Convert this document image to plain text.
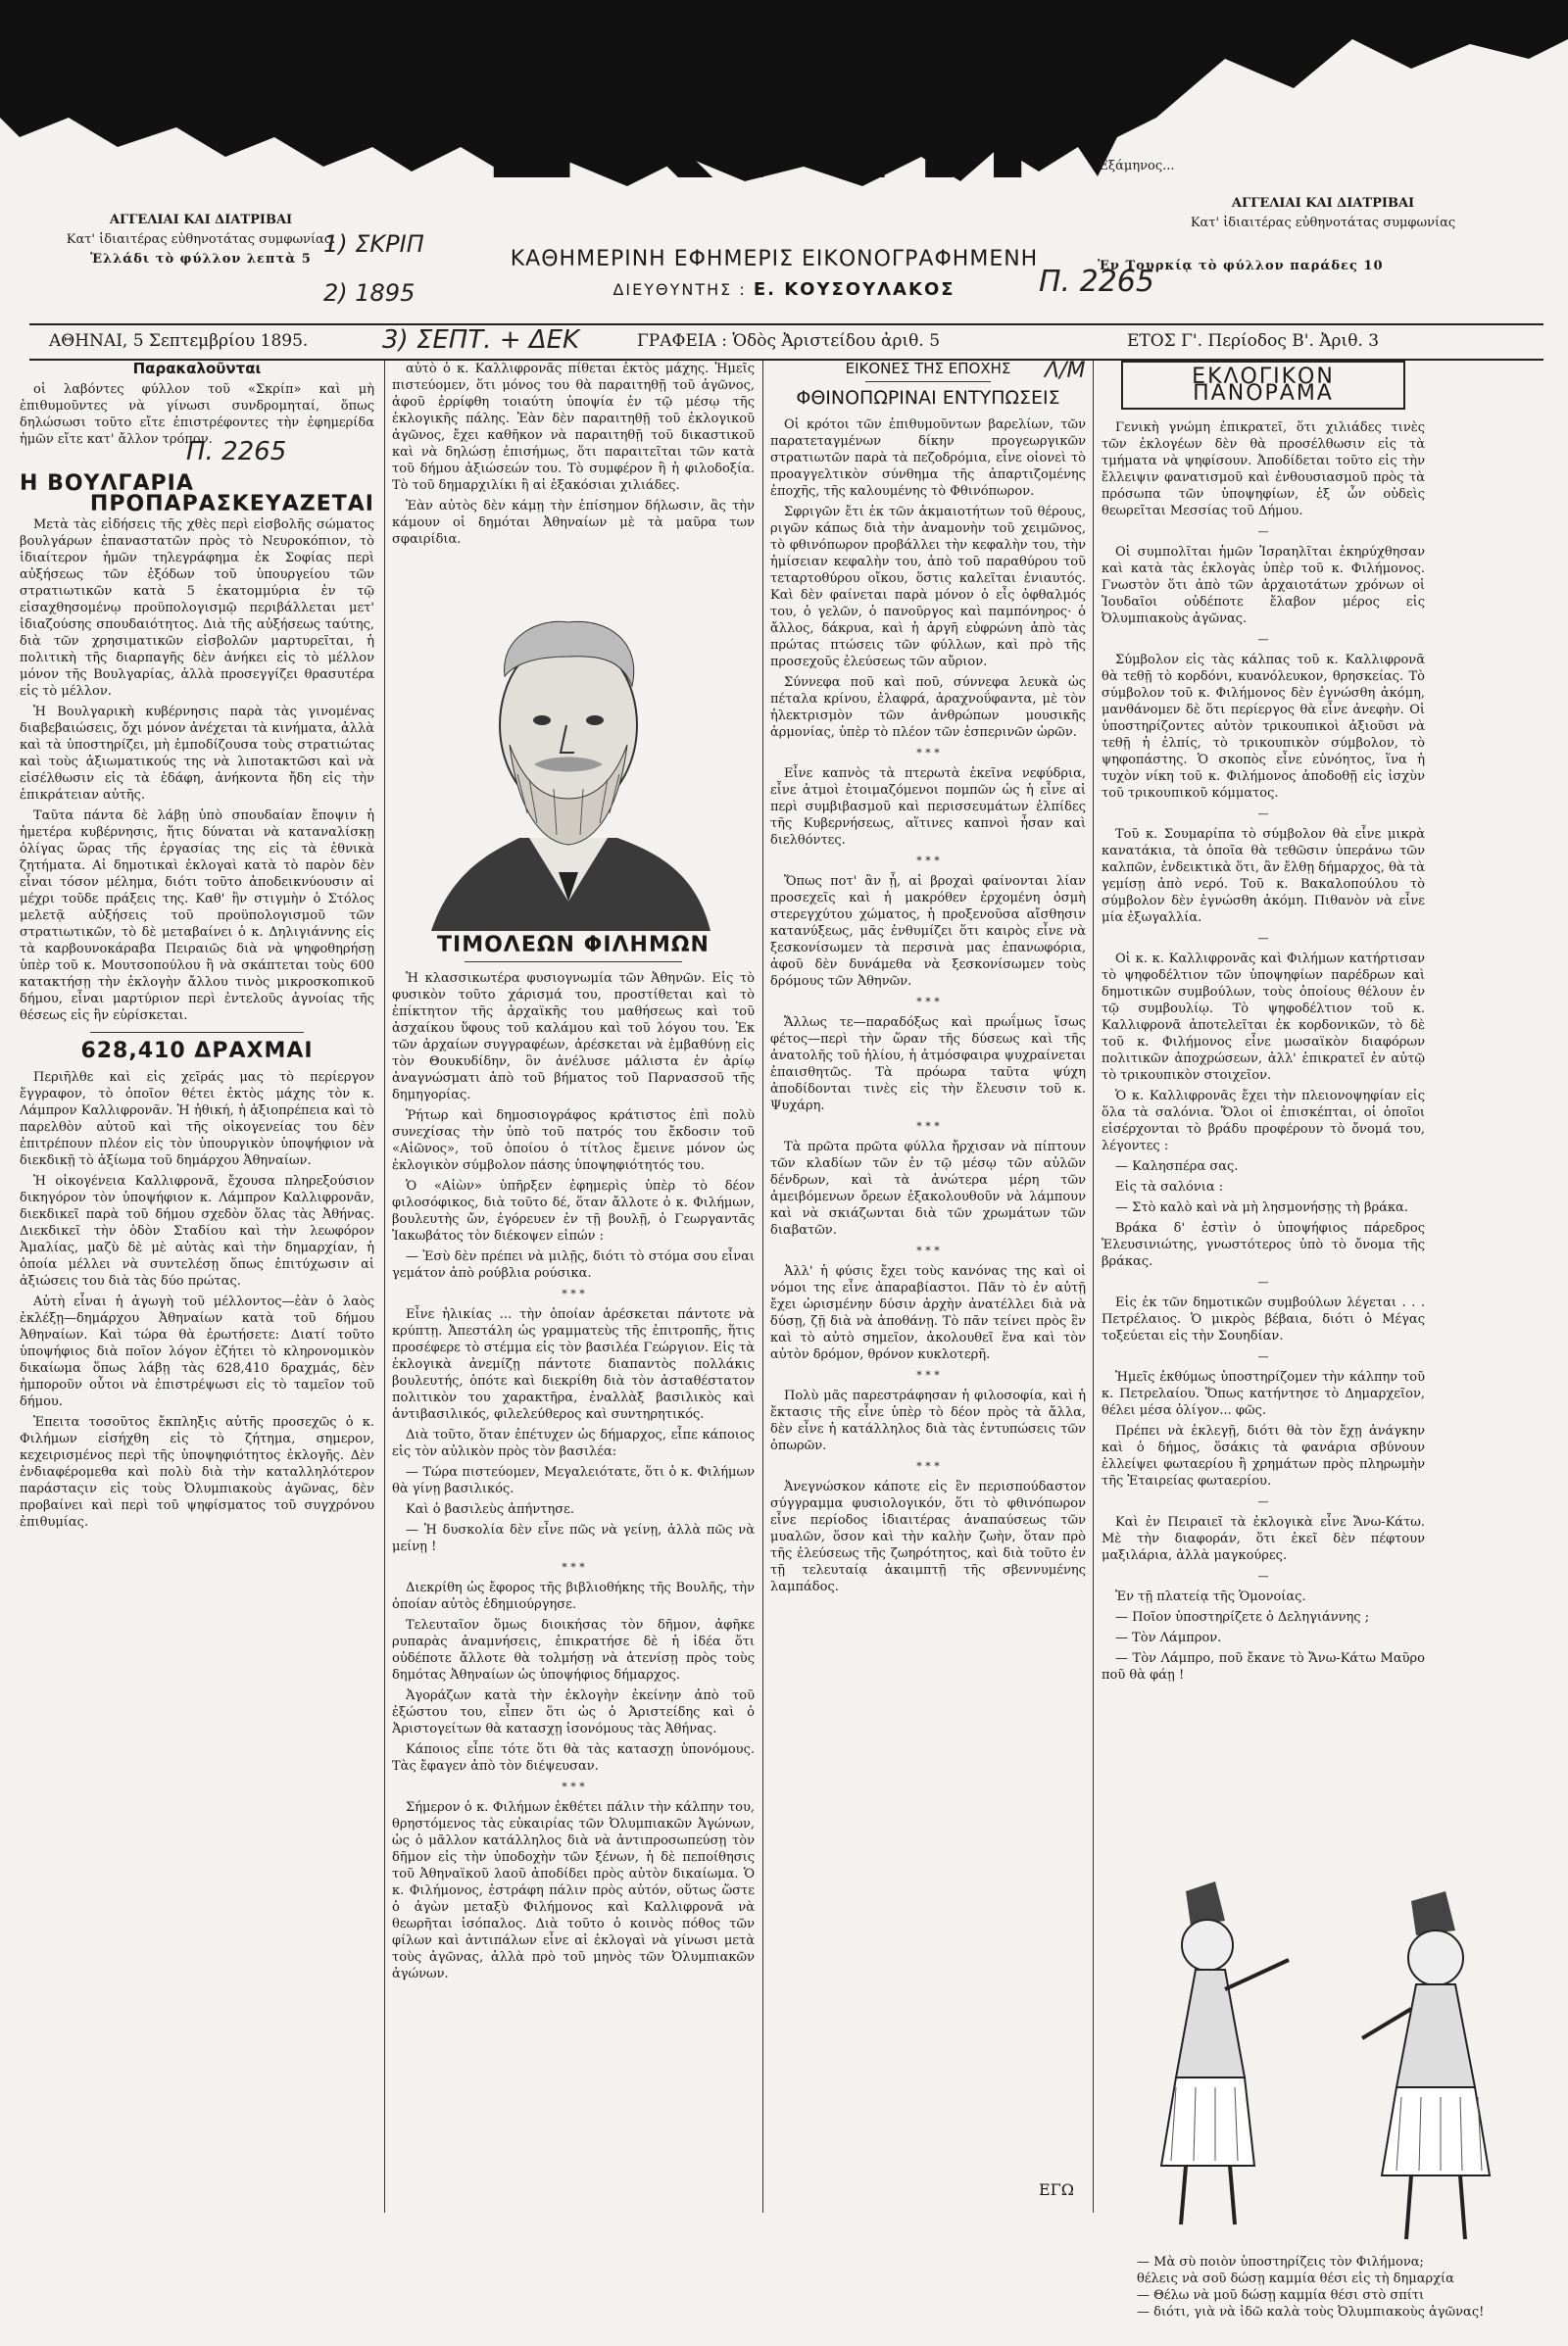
ΣΚΡΙΠ
ΑΓΓΕΛΙΑΙ ΚΑΙ ΔΙΑΤΡΙΒΑΙ
Κατ' ἰδιαιτέρας εὐθηνοτάτας συμφωνίας.
Ἑλλάδι τὸ φύλλον λεπτὰ 5
Ἑξάμηνος...
ΑΓΓΕΛΙΑΙ ΚΑΙ ΔΙΑΤΡΙΒΑΙ
Κατ' ἰδιαιτέρας εὐθηνοτάτας συμφωνίας
Ἐν Τουρκίᾳ τὸ φύλλον παράδες 10
ΚΑΘΗΜΕΡΙΝΗ ΕΦΗΜΕΡΙΣ ΕΙΚΟΝΟΓΡΑΦΗΜΕΝΗ
ΔΙΕΥΘΥΝΤΗΣ : Ε. ΚΟΥΣΟΥΛΑΚΟΣ
1) ΣΚΡΙΠ
2) 1895	Π. 2265
ΑΘΗΝΑΙ, 5 Σεπτεμβρίου 1895.	3) ΣΕΠΤ. + ΔΕΚ	ΓΡΑΦΕΙΑ : Ὁδὸς Ἀριστείδου ἀριθ. 5	ΕΤΟΣ Γ'. Περίοδος Β'. Ἀριθ. 3

Παρακαλοῦνται

οἱ λαβόντες φύλλον τοῦ «Σκρίπ» καὶ μὴ ἐπιθυμοῦντες νὰ γίνωσι συνδρομηταί, ὅπως δηλώσωσι τοῦτο εἴτε ἐπιστρέφοντες τὴν ἐφημερίδα ἡμῶν εἴτε κατ' ἄλλον τρόπον.

Π. 2265

Η ΒΟΥΛΓΑΡΙΑ

ΠΡΟΠΑΡΑΣΚΕΥΑΖΕΤΑΙ

Μετὰ τὰς εἰδήσεις τῆς χθὲς περὶ εἰσβολῆς σώματος βουλγάρων ἐπαναστατῶν πρὸς τὸ Νευροκόπιον, τὸ ἰδιαίτερον ἡμῶν τηλεγράφημα ἐκ Σοφίας περὶ αὐξήσεως τῶν ἐξόδων τοῦ ὑπουργείου τῶν στρατιωτικῶν κατὰ 5 ἑκατομμύρια ἐν τῷ εἰσαχθησομένῳ προϋπολογισμῷ περιβάλλεται μετ' ἰδιαζούσης σπουδαιότητος. Διὰ τῆς αὐξήσεως ταύτης, διὰ τῶν χρησιματικῶν εἰσβολῶν μαρτυρεῖται, ἡ πολιτικὴ τῆς διαρπαγῆς δὲν ἀνήκει εἰς τὸ μέλλον μόνον τῆς Βουλγαρίας, ἀλλὰ προσεγγίζει θρασυτέρα εἰς τὸ μέλλον.

Ἡ Βουλγαρικὴ κυβέρνησις παρὰ τὰς γινομένας διαβεβαιώσεις, ὄχι μόνον ἀνέχεται τὰ κινήματα, ἀλλὰ καὶ τὰ ὑποστηρίζει, μὴ ἐμποδίζουσα τοὺς στρατιώτας καὶ τοὺς ἀξιωματικούς της νὰ λιποτακτῶσι καὶ νὰ εἰσέλθωσιν εἰς τὰ ἐδάφη, ἀνήκοντα ἤδη εἰς τὴν ἐπικράτειαν αὐτῆς.

Ταῦτα πάντα δὲ λάβῃ ὑπὸ σπουδαίαν ἔποψιν ἡ ἡμετέρα κυβέρνησις, ἥτις δύναται νὰ καταναλίσκῃ ὀλίγας ὥρας τῆς ἐργασίας της εἰς τὰ ἐθνικὰ ζητήματα. Αἱ δημοτικαὶ ἐκλογαὶ κατὰ τὸ παρὸν δὲν εἶναι τόσον μέλημα, διότι τοῦτο ἀποδεικνύουσιν αἱ μέχρι τοῦδε πράξεις της. Καθ' ἣν στιγμὴν ὁ Στόλος μελετᾷ αὐξήσεις τοῦ προϋπολογισμοῦ τῶν στρατιωτικῶν, τὸ δὲ μεταβαίνει ὁ κ. Δηλιγιάννης εἰς τὰ καρβουνοκάραβα Πειραιῶς διὰ νὰ ψηφοθηρήσῃ ὑπὲρ τοῦ κ. Μουτσοπούλου ἢ νὰ σκάπτεται τοὺς 600 κατακτήσῃ τὴν ἐκλογὴν ἄλλου τινὸς μικροσκοπικοῦ δήμου, εἶναι μαρτύριον περὶ ἐντελοῦς ἀγνοίας τῆς θέσεως εἰς ἣν εὑρίσκεται.

628,410 ΔΡΑΧΜΑΙ

Περιῆλθε καὶ εἰς χεῖράς μας τὸ περίεργον ἔγγραφον, τὸ ὁποῖον θέτει ἐκτὸς μάχης τὸν κ. Λάμπρον Καλλιφρονᾶν. Ἡ ἠθική, ἡ ἀξιοπρέπεια καὶ τὸ παρελθὸν αὐτοῦ καὶ τῆς οἰκογενείας του δὲν ἐπιτρέπουν πλέον εἰς τὸν ὑπουργικὸν ὑποψήφιον νὰ διεκδικῇ τὸ ἀξίωμα τοῦ δημάρχου Ἀθηναίων.

Ἡ οἰκογένεια Καλλιφρονᾶ, ἔχουσα πληρεξούσιον δικηγόρον τὸν ὑποψήφιον κ. Λάμπρον Καλλιφρονᾶν, διεκδικεῖ παρὰ τοῦ δήμου σχεδὸν ὅλας τὰς Ἀθήνας. Διεκδικεῖ τὴν ὁδὸν Σταδίου καὶ τὴν λεωφόρον Ἀμαλίας, μαζὺ δὲ μὲ αὐτὰς καὶ τὴν δημαρχίαν, ἡ ὁποία μέλλει νὰ συντελέσῃ ὅπως ἐπιτύχωσιν αἱ ἀξιώσεις του διὰ τὰς δύο πρώτας.

Αὐτὴ εἶναι ἡ ἀγωγὴ τοῦ μέλλοντος—ἐὰν ὁ λαὸς ἐκλέξῃ—δημάρχου Ἀθηναίων κατὰ τοῦ δήμου Ἀθηναίων. Καὶ τώρα θὰ ἐρωτήσετε: Διατί τοῦτο ὑποψήφιος διὰ ποῖον λόγον ἐζήτει τὸ κληρονομικὸν δικαίωμα ὅπως λάβῃ τὰς 628,410 δραχμάς, δὲν ἠμποροῦν οὗτοι νὰ ἐπιστρέψωσι εἰς τὸ ταμεῖον τοῦ δήμου.

Ἐπειτα τοσοῦτος ἔκπληξις αὐτῆς προσεχῶς ὁ κ. Φιλήμων εἰσήχθη εἰς τὸ ζήτημα, σημερον, κεχειρισμένος περὶ τῆς ὑποψηφιότητος ἐκλογῆς. Δὲν ἐνδιαφέρομεθα καὶ πολὺ διὰ τὴν καταλληλότερον παράσταςιν εἰς τοὺς Ὀλυμπιακοὺς ἀγῶνας, δὲν προβαίνει καὶ περὶ τοῦ ψηφίσματος τοῦ συγχρόνου ἐπιθυμίας.

αὐτὸ ὁ κ. Καλλιφρονᾶς πίθεται ἐκτὸς μάχης. Ἡμεῖς πιστεύομεν, ὅτι μόνος του θὰ παραιτηθῇ τοῦ ἀγῶνος, ἀφοῦ ἐρρίφθη τοιαύτη ὑποψία ἐν τῷ μέσῳ τῆς ἐκλογικῆς πάλης. Ἐὰν δὲν παραιτηθῇ τοῦ ἐκλογικοῦ ἀγῶνος, ἔχει καθῆκον νὰ παραιτηθῇ τοῦ δικαστικοῦ καὶ νὰ δηλώσῃ ἐπισήμως, ὅτι παραιτεῖται τῶν κατὰ τοῦ δήμου ἀξιώσεών του. Τὸ συμφέρον ἢ ἡ φιλοδοξία. Τὸ τοῦ δημαρχιλίκι ἢ αἱ ἑξακόσιαι χιλιάδες.

Ἐὰν αὐτὸς δὲν κάμῃ τὴν ἐπίσημον δήλωσιν, ἂς τὴν κάμουν οἱ δημόται Ἀθηναίων μὲ τὰ μαῦρα των σφαιρίδια.

ΤΙΜΟΛΕΩΝ ΦΙΛΗΜΩΝ

Ἡ κλασσικωτέρα φυσιογνωμία τῶν Ἀθηνῶν. Εἰς τὸ φυσικὸν τοῦτο χάρισμά του, προστίθεται καὶ τὸ ἐπίκτητον τῆς ἀρχαϊκῆς του μαθήσεως καὶ τοῦ ἀσχαίκου ὕφους τοῦ καλάμου καὶ τοῦ λόγου του. Ἐκ τῶν ἀρχαίων συγγραφέων, ἀρέσκεται νὰ ἐμβαθύνῃ εἰς τὸν Θουκυδίδην, ὃν ἀνέλυσε μάλιστα ἐν ἀρίῳ ἀναγνώσματι ἀπὸ τοῦ βήματος τοῦ Παρνασσοῦ τῆς δημηγορίας.

Ῥήτωρ καὶ δημοσιογράφος κράτιστος ἐπὶ πολὺ συνεχίσας τὴν ὑπὸ τοῦ πατρός του ἔκδοσιν τοῦ «Αἰῶνος», τοῦ ὁποίου ὁ τίτλος ἔμεινε μόνον ὡς ἐκλογικὸν σύμβολον πάσης ὑποψηφιότητός του.

Ὁ «Αἰὼν» ὑπῆρξεν ἐφημερὶς ὑπὲρ τὸ δέον φιλοσόφικος, διὰ τοῦτο δέ, ὅταν ἄλλοτε ὁ κ. Φιλήμων, βουλευτὴς ὤν, ἐγόρευεν ἐν τῇ βουλῇ, ὁ Γεωργαντᾶς Ἰακωβάτος τὸν διέκοψεν εἰπών :

— Ἐσὺ δὲν πρέπει νὰ μιλῇς, διότι τὸ στόμα σου εἶναι γεμάτον ἀπὸ ρούβλια ρούσικα.

* * *

Εἶνε ἡλικίας ... τὴν ὁποίαν ἀρέσκεται πάντοτε νὰ κρύπτῃ. Ἀπεστάλη ὡς γραμματεὺς τῆς ἐπιτροπῆς, ἥτις προσέφερε τὸ στέμμα εἰς τὸν βασιλέα Γεώργιον. Εἰς τὰ ἐκλογικὰ ἀνεμίζῃ πάντοτε διαπαντὸς πολλάκις βουλευτής, ὁπότε καὶ διεκρίθη διὰ τὸν ἀσταθέστατον πολιτικὸν του χαρακτῆρα, ἐναλλὰξ βασιλικὸς καὶ ἀντιβασιλικός, φιλελεύθερος καὶ συντηρητικός.

Διὰ τοῦτο, ὅταν ἐπέτυχεν ὡς δήμαρχος, εἶπε κάποιος εἰς τὸν αὐλικὸν πρὸς τὸν βασιλέα:

— Τώρα πιστεύομεν, Μεγαλειότατε, ὅτι ὁ κ. Φιλήμων θὰ γίνῃ βασιλικός.

Καὶ ὁ βασιλεὺς ἀπήντησε.

— Ἡ δυσκολία δὲν εἶνε πῶς νὰ γείνῃ, ἀλλὰ πῶς νὰ μείνῃ !

* * *

Διεκρίθη ὡς ἔφορος τῆς βιβλιοθήκης τῆς Βουλῆς, τὴν ὁποίαν αὐτὸς ἐδημιούργησε.

Τελευταῖον ὅμως διοικήσας τὸν δῆμον, ἀφῆκε ρυπαρὰς ἀναμνήσεις, ἐπικρατήσε δὲ ἡ ἰδέα ὅτι οὐδέποτε ἄλλοτε θὰ τολμήσῃ νὰ ἀτενίσῃ πρὸς τοὺς δημότας Ἀθηναίων ὡς ὑποψήφιος δήμαρχος.

Ἀγοράζων κατὰ τὴν ἐκλογὴν ἐκείνην ἀπὸ τοῦ ἐξώστου του, εἶπεν ὅτι ὡς ὁ Ἀριστείδης καὶ ὁ Ἀριστογείτων θὰ κατασχῃ ἰσονόμους τὰς Ἀθήνας.

Κάποιος εἶπε τότε ὅτι θὰ τὰς κατασχῃ ὑπονόμους. Τὰς ἔφαγεν ἀπὸ τὸν διέψευσαν.

* * *

Σήμερον ὁ κ. Φιλήμων ἐκθέτει πάλιν τὴν κάλπην του, θρηστόμενος τὰς εὐκαιρίας τῶν Ὀλυμπιακῶν Ἀγώνων, ὡς ὁ μᾶλλον κατάλληλος διὰ νὰ ἀντιπροσωπεύσῃ τὸν δῆμον εἰς τὴν ὑποδοχὴν τῶν ξένων, ἡ δὲ πεποίθησις τοῦ Ἀθηναϊκοῦ λαοῦ ἀποδίδει πρὸς αὐτὸν δικαίωμα. Ὁ κ. Φιλήμονος, ἐστράφη πάλιν πρὸς αὐτόν, οὕτως ὥστε ὁ ἀγὼν μεταξὺ Φιλήμονος καὶ Καλλιφρονᾶ νὰ θεωρῆται ἰσόπαλος. Διὰ τοῦτο ὁ κοινὸς πόθος τῶν φίλων καὶ ἀντιπάλων εἶνε αἱ ἐκλογαὶ νὰ γίνωσι μετὰ τοὺς ἀγῶνας, ἀλλὰ πρὸ τοῦ μηνὸς τῶν Ὀλυμπιακῶν ἀγώνων.

ΕΙΚΟΝΕΣ ΤΗΣ ΕΠΟΧΗΣ

ΦΘΙΝΟΠΩΡΙΝΑΙ ΕΝΤΥΠΩΣΕΙΣ

Λ/Μ

Οἱ κρότοι τῶν ἐπιθυμοῦντων βαρελίων, τῶν παρατεταγμένων δίκην προγεωργικῶν στρατιωτῶν παρὰ τὰ πεζοδρόμια, εἶνε οἱονεὶ τὸ προαγγελτικὸν σύνθημα τῆς ἀπαρτιζομένης ἐποχῆς, τῆς καλουμένης τὸ Φθινόπωρον.

Σφριγῶν ἔτι ἐκ τῶν ἀκμαιοτήτων τοῦ θέρους, ριγῶν κάπως διὰ τὴν ἀναμονὴν τοῦ χειμῶνος, τὸ φθινόπωρον προβάλλει τὴν κεφαλὴν του, τὴν ἡμίσειαν κεφαλὴν του, ἀπὸ τοῦ παραθύρου τοῦ τεταρτοθύρου οἴκου, ὅστις καλεῖται ἐνιαυτός. Καὶ δὲν φαίνεται παρὰ μόνον ὁ εἷς ὀφθαλμός του, ὁ γελῶν, ὁ πανοῦργος καὶ παμπόνηρος· ὁ ἄλλος, δάκρυα, καὶ ἡ ἀργῆ εὐφρώνη ἀπὸ τὰς πρώτας πτώσεις τῶν φύλλων, καὶ πρὸ τῆς προσεχοῦς ἐλεύσεως τῶν αὔριον.

Σύννεφα ποῦ καὶ ποῦ, σύννεφα λευκὰ ὡς πέταλα κρίνου, ἐλαφρά, ἀραχνοΰφαντα, μὲ τὸν ἠλεκτρισμὸν τῶν ἀνθρώπων μουσικῆς ἀρμονίας, ὑπὲρ τὸ πλέον τῶν ἐσπερινῶν ὡρῶν.

* * *

Εἶνε καπνὸς τὰ πτερωτὰ ἐκεῖνα νεφύδρια, εἶνε ἀτμοὶ ἐτοιμαζόμενοι πομπῶν ὡς ἡ εἶνε αἱ περὶ συμβιβασμοῦ καὶ περισσευμάτων ἐλπίδες τῆς Κυβερνήσεως, αἵτινες καπνοὶ ἦσαν καὶ διελθόντες.

* * *

Ὅπως ποτ' ἂν ᾖ, αἱ βροχαὶ φαίνονται λίαν προσεχεῖς καὶ ἡ μακρόθεν ἐρχομένη ὀσμὴ στερεγχύτου χώματος, ἡ προξενοῦσα αἴσθησιν κατανύξεως, μᾶς ἐνθυμίζει ὅτι καιρὸς εἶνε νὰ ξεσκονίσωμεν τὰ περσινὰ μας ἐπανωφόρια, ἀφοῦ δὲν δυνάμεθα νὰ ξεσκονίσωμεν τοὺς δρόμους τῶν Ἀθηνῶν.

* * *

Ἄλλως τε—παραδόξως καὶ πρωΐμως ἴσως φέτος—περὶ τὴν ὥραν τῆς δύσεως καὶ τῆς ἀνατολῆς τοῦ ἡλίου, ἡ ἀτμόσφαιρα ψυχραίνεται ἐπαισθητῶς. Τὰ πρόωρα ταῦτα ψύχη ἀποδίδονται τινὲς εἰς τὴν ἔλευσιν τοῦ κ. Ψυχάρη.

* * *

Τὰ πρῶτα πρῶτα φύλλα ἤρχισαν νὰ πίπτουν τῶν κλαδίων τῶν ἐν τῷ μέσῳ τῶν αὐλῶν δένδρων, καὶ τὰ ἀνώτερα μέρη τῶν ἀμειβόμενων ὄρεων ἐξακολουθοῦν νὰ λάμπουν καὶ νὰ σκιάζωνται διὰ τῶν χρωμάτων τῶν διαβατῶν.

* * *

Ἀλλ' ἡ φύσις ἔχει τοὺς κανόνας της καὶ οἱ νόμοι της εἶνε ἀπαραβίαστοι. Πᾶν τὸ ἐν αὐτῇ ἔχει ὡρισμένην δύσιν ἀρχὴν ἀνατέλλει διὰ νὰ δύσῃ, ζῇ διὰ νὰ ἀποθάνῃ. Τὸ πᾶν τείνει πρὸς ἓν καὶ τὸ αὐτὸ σημεῖον, ἀκολουθεῖ ἕνα καὶ τὸν αὐτὸν δρόμον, θρόνον κυκλοτερῆ.

* * *

Πολὺ μᾶς παρεστράφησαν ἡ φιλοσοφία, καὶ ἡ ἔκτασις τῆς εἶνε ὑπὲρ τὸ δέον πρὸς τὰ ἄλλα, δὲν εἶνε ἡ κατάλληλος διὰ τὰς ἐντυπώσεις τῶν ὁπωρῶν.

* * *

Ἀνεγνώσκον κάποτε εἰς ἓν περισπούδαστον σύγγραμμα φυσιολογικόν, ὅτι τὸ φθινόπωρον εἶνε περίοδος ἰδιαιτέρας ἀναπαύσεως τῶν μυαλῶν, ὅσον καὶ τὴν καλὴν ζωὴν, ὅταν πρὸ τῆς ἐλεύσεως τῆς ζωηρότητος, καὶ διὰ τοῦτο ἐν τῇ τελευταίᾳ ἀκαιμπτῇ τῆς σβεννυμένης λαμπάδος.

ΕΓΩ
ΕΚΛΟΓΙΚΟΝ ΠΑΝΟΡΑΜΑ

Γενικὴ γνώμη ἐπικρατεῖ, ὅτι χιλιάδες τινὲς τῶν ἐκλογέων δὲν θὰ προσέλθωσιν εἰς τὰ τμήματα νὰ ψηφίσουν. Ἀποδίδεται τοῦτο εἰς τὴν ἔλλειψιν φανατισμοῦ καὶ ἐνθουσιασμοῦ πρὸς τὰ πρόσωπα τῶν ὑποψηφίων, ἐξ ὧν οὐδεὶς θεωρεῖται Μεσσίας τοῦ Δήμου.

—

Οἱ συμπολῖται ἡμῶν Ἰσραηλῖται ἐκηρύχθησαν καὶ κατὰ τὰς ἐκλογὰς ὑπὲρ τοῦ κ. Φιλήμονος. Γνωστὸν ὅτι ἀπὸ τῶν ἀρχαιοτάτων χρόνων οἱ Ἰουδαῖοι οὐδέποτε ἔλαβον μέρος εἰς Ὀλυμπιακοὺς ἀγῶνας.

—

Σύμβολον εἰς τὰς κάλπας τοῦ κ. Καλλιφρονᾶ θὰ τεθῇ τὸ κορδόνι, κυανόλευκον, θρησκείας. Τὸ σύμβολον τοῦ κ. Φιλήμονος δὲν ἐγνώσθη ἀκόμη, μανθάνομεν δὲ ὅτι περίεργος θὰ εἶνε ἀνεφὴν. Οἱ ὑποστηρίζοντες αὐτὸν τρικουπικοὶ ἀξιοῦσι νὰ τεθῇ ἡ ἐλπίς, τὸ τρικουπικὸν σύμβολον, τὸ ψηφοπάστης. Ὁ σκοπὸς εἶνε εὐνόητος, ἵνα ἡ τυχὸν νίκη τοῦ κ. Φιλήμονος ἀποδοθῇ εἰς ἰσχὺν τοῦ τρικουπικοῦ κόμματος.

—

Τοῦ κ. Σουμαρίπα τὸ σύμβολον θὰ εἶνε μικρὰ κανατάκια, τὰ ὁποῖα θὰ τεθῶσιν ὑπεράνω τῶν καλπῶν, ἐνδεικτικὰ ὅτι, ἂν ἔλθῃ δήμαρχος, θὰ τὰ γεμίσῃ ἀπὸ νερό. Τοῦ κ. Βακαλοπούλου τὸ σύμβολον δὲν ἐγνώσθη ἀκόμη. Πιθανὸν νὰ εἶνε μία ἑξωγαλλία.

—

Οἱ κ. κ. Καλλιφρονᾶς καὶ Φιλήμων κατήρτισαν τὸ ψηφοδέλτιον τῶν ὑποψηφίων παρέδρων καὶ δημοτικῶν συμβούλων, τοὺς ὁποίους θέλουν ἐν τῷ συμβουλίῳ. Τὸ ψηφοδέλτιον τοῦ κ. Καλλιφρονᾶ ἀποτελεῖται ἐκ κορδονικῶν, τὸ δὲ τοῦ κ. Φιλήμονος εἶνε μωσαϊκὸν διαφόρων πολιτικῶν ἀποχρώσεων, ἀλλ' ἐπικρατεῖ ἐν αὐτῷ τὸ τρικουπικὸν στοιχεῖον.

Ὁ κ. Καλλιφρονᾶς ἔχει τὴν πλειονοψηφίαν εἰς ὅλα τὰ σαλόνια. Ὅλοι οἱ ἐπισκέπται, οἱ ὁποῖοι εἰσέρχονται τὸ βράδυ προφέρουν τὸ ὄνομά του, λέγοντες :

— Καλησπέρα σας.

Εἰς τὰ σαλόνια :

— Στὸ καλὸ καὶ νὰ μὴ λησμονήσῃς τὴ βράκα.

Βράκα δ' ἐστὶν ὁ ὑποψήφιος πάρεδρος Ἐλευσινιώτης, γνωστότερος ὑπὸ τὸ ὄνομα τῆς βράκας.

—

Εἰς ἐκ τῶν δημοτικῶν συμβούλων λέγεται . . . Πετρέλαιος. Ὁ μικρὸς βέβαια, διότι ὁ Μέγας τοξεύεται εἰς τὴν Σουηδίαν.

—

Ἡμεῖς ἐκθύμως ὑποστηρίζομεν τὴν κάλπην τοῦ κ. Πετρελαίου. Ὅπως κατήντησε τὸ Δημαρχεῖον, θέλει μέσα ὀλίγον... φῶς.

Πρέπει νὰ ἐκλεγῇ, διότι θὰ τὸν ἔχῃ ἀνάγκην καὶ ὁ δήμος, ὅσάκις τὰ φανάρια σβύνουν ἐλλείψει φωταερίου ἢ χρημάτων πρὸς πληρωμὴν τῆς Ἑταιρείας φωταερίου.

—

Καὶ ἐν Πειραιεῖ τὰ ἐκλογικὰ εἶνε Ἄνω-Κάτω. Μὲ τὴν διαφοράν, ὅτι ἐκεῖ δὲν πέφτουν μαξιλάρια, ἀλλὰ μαγκούρες.

—

Ἐν τῇ πλατείᾳ τῆς Ὁμονοίας.

— Ποῖον ὑποστηρίζετε ὁ Δεληγιάννης ;

— Τὸν Λάμπρον.

— Τὸν Λάμπρο, ποῦ ἔκανε τὸ Ἄνω-Κάτω Μαῦρο ποῦ θὰ φάῃ !

— Μὰ σὺ ποιὸν ὑποστηρίζεις τὸν Φιλήμονα;
θέλεις νὰ σοῦ δώσῃ καμμία θέσι εἰς τὴ δημαρχία
— Θέλω νὰ μοῦ δώσῃ καμμία θέσι στὸ σπίτι
— διότι, γιὰ νὰ ἰδῶ καλὰ τοὺς Ὀλυμπιακοὺς ἀγῶνας!
